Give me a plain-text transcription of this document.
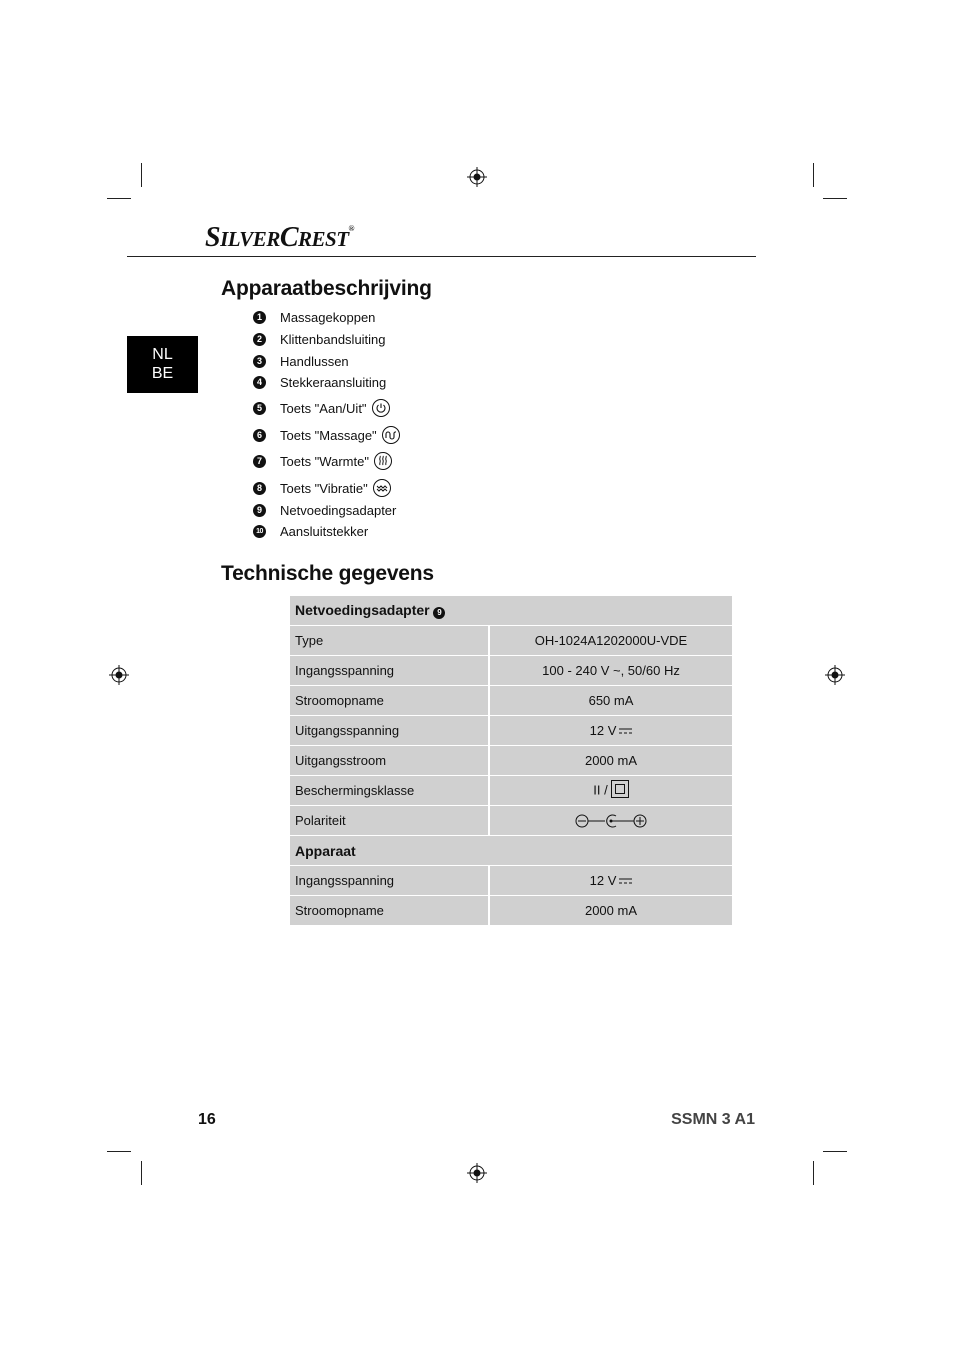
SILVERCREST®
NL
BE
Apparaatbeschrijving
1	Massagekoppen
2	Klittenbandsluiting
3	Handlussen
4	Stekkeraansluiting
5	Toets "Aan/Uit"
6	Toets "Massage"
7	Toets "Warmte"
8	Toets "Vibratie"
9	Netvoedingsadapter
10 Aansluitstekker
Technische gegevens
Netvoedingsadapter 9	
Type	OH-1024A1202000U-VDE
Ingangsspanning	100 - 240 V ~, 50/60 Hz
Stroomopname	650 mA
Uitgangsspanning	12 V
Uitgangsstroom	2000 mA
Beschermingsklasse	II /
Polariteit	
Apparaat	
Ingangsspanning	12 V
Stroomopname	2000 mA
16	SSMN 3 A1
